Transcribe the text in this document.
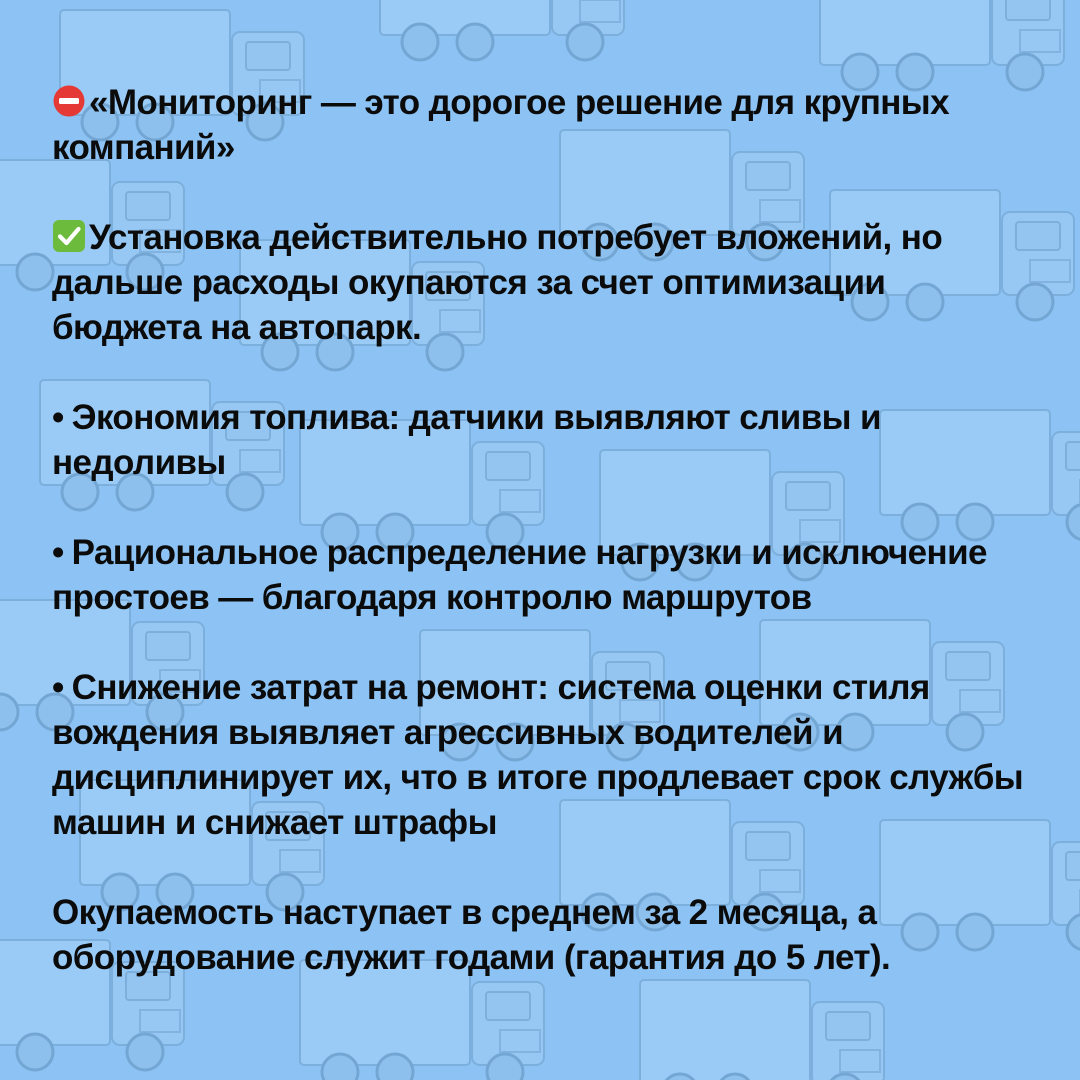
«Мониторинг — это дорогое решение для крупных компаний»

Установка действительно потребует вложений, но дальше расходы окупаются за счет оптимизации бюджета на автопарк.

• Экономия топлива: датчики выявляют сливы и недоливы

• Рациональное распределение нагрузки и исключение простоев — благодаря контролю маршрутов

• Снижение затрат на ремонт: система оценки стиля вождения выявляет агрессивных водителей и дисциплинирует их, что в итоге продлевает срок службы машин и снижает штрафы

Окупаемость наступает в среднем за 2 месяца, а оборудование служит годами (гарантия до 5 лет).
